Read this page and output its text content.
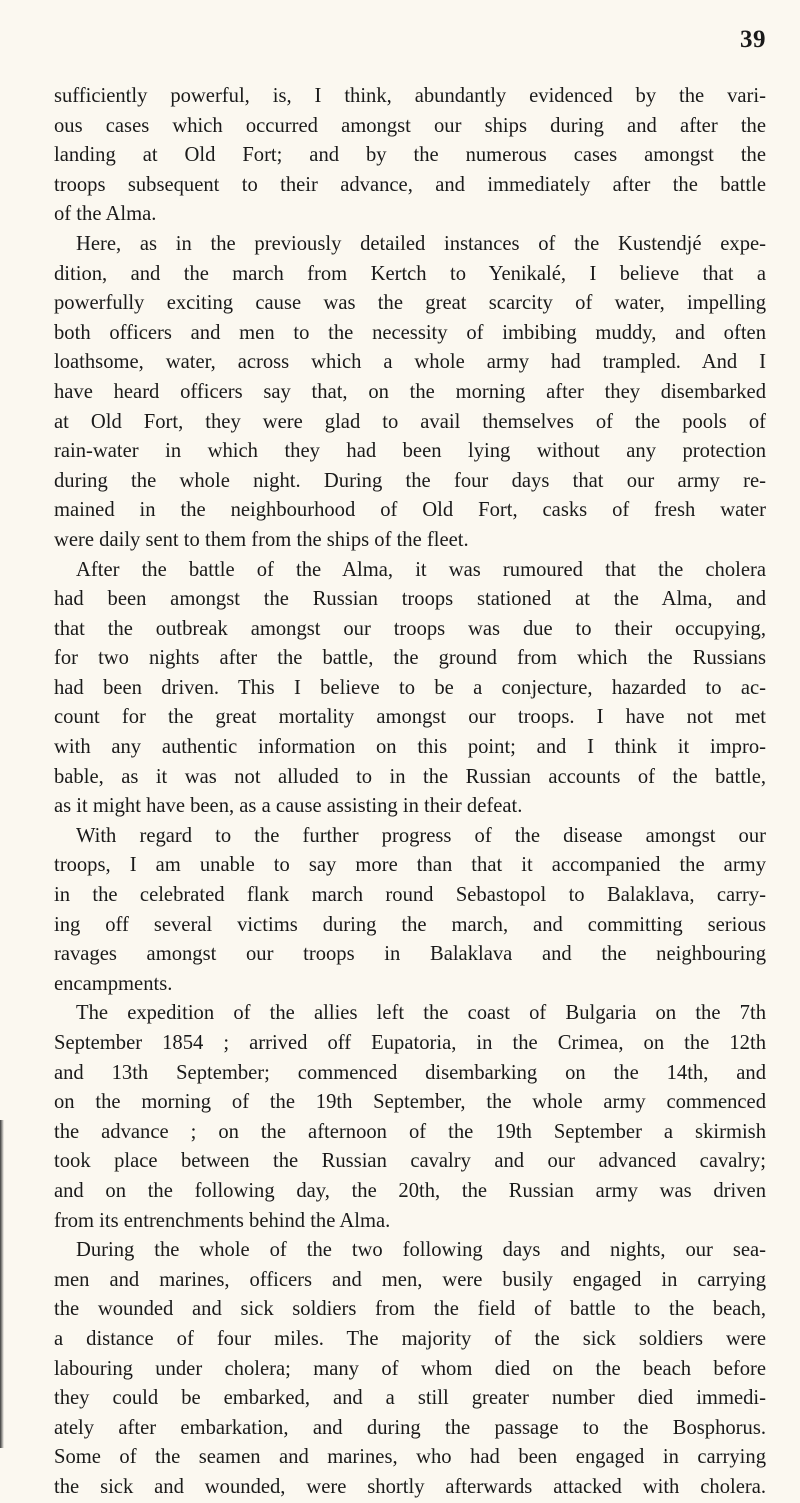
39
sufficiently powerful, is, I think, abundantly evidenced by the vari-
ous cases which occurred amongst our ships during and after the
landing at Old Fort; and by the numerous cases amongst the
troops subsequent to their advance, and immediately after the battle
of the Alma.
Here, as in the previously detailed instances of the Kustendjé expe-
dition, and the march from Kertch to Yenikalé, I believe that a
powerfully exciting cause was the great scarcity of water, impelling
both officers and men to the necessity of imbibing muddy, and often
loathsome, water, across which a whole army had trampled. And I
have heard officers say that, on the morning after they disembarked
at Old Fort, they were glad to avail themselves of the pools of
rain-water in which they had been lying without any protection
during the whole night. During the four days that our army re-
mained in the neighbourhood of Old Fort, casks of fresh water
were daily sent to them from the ships of the fleet.
After the battle of the Alma, it was rumoured that the cholera
had been amongst the Russian troops stationed at the Alma, and
that the outbreak amongst our troops was due to their occupying,
for two nights after the battle, the ground from which the Russians
had been driven. This I believe to be a conjecture, hazarded to ac-
count for the great mortality amongst our troops. I have not met
with any authentic information on this point; and I think it impro-
bable, as it was not alluded to in the Russian accounts of the battle,
as it might have been, as a cause assisting in their defeat.
With regard to the further progress of the disease amongst our
troops, I am unable to say more than that it accompanied the army
in the celebrated flank march round Sebastopol to Balaklava, carry-
ing off several victims during the march, and committing serious
ravages amongst our troops in Balaklava and the neighbouring
encampments.
The expedition of the allies left the coast of Bulgaria on the 7th
September 1854 ; arrived off Eupatoria, in the Crimea, on the 12th
and 13th September; commenced disembarking on the 14th, and
on the morning of the 19th September, the whole army commenced
the advance ; on the afternoon of the 19th September a skirmish
took place between the Russian cavalry and our advanced cavalry;
and on the following day, the 20th, the Russian army was driven
from its entrenchments behind the Alma.
During the whole of the two following days and nights, our sea-
men and marines, officers and men, were busily engaged in carrying
the wounded and sick soldiers from the field of battle to the beach,
a distance of four miles. The majority of the sick soldiers were
labouring under cholera; many of whom died on the beach before
they could be embarked, and a still greater number died immedi-
ately after embarkation, and during the passage to the Bosphorus.
Some of the seamen and marines, who had been engaged in carrying
the sick and wounded, were shortly afterwards attacked with cholera.
